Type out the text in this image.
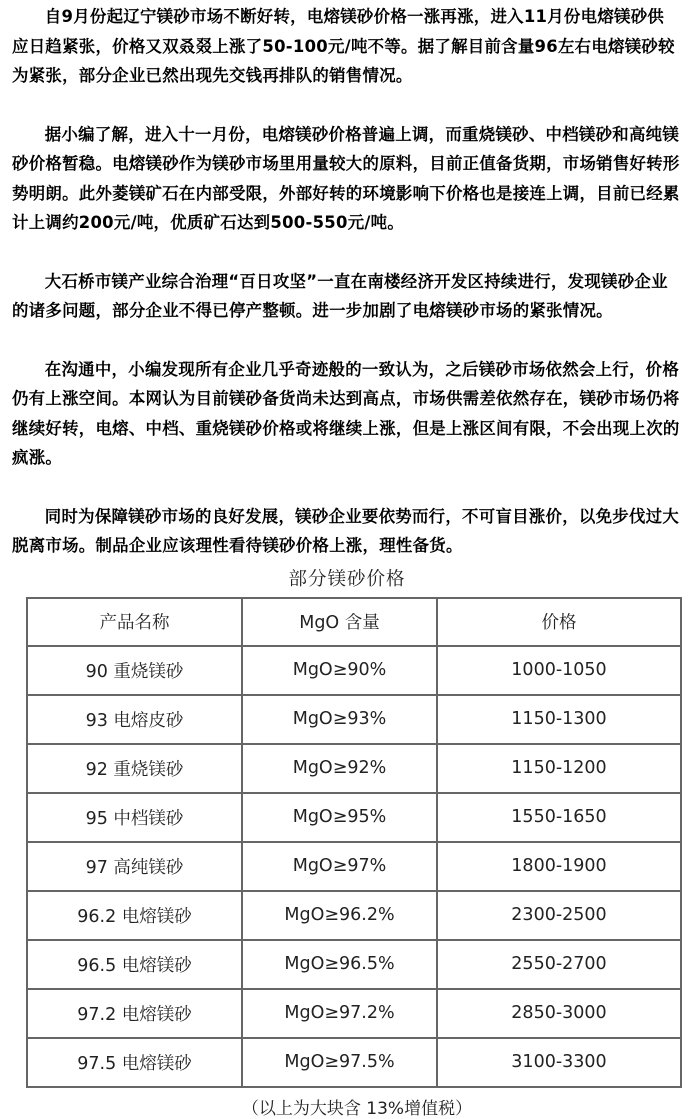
自9月份起辽宁镁砂市场不断好转，电熔镁砂价格一涨再涨，进入11月份电熔镁砂供应日趋紧张，价格又双叒叕上涨了50-100元/吨不等。据了解目前含量96左右电熔镁砂较为紧张，部分企业已然出现先交钱再排队的销售情况。

据小编了解，进入十一月份，电熔镁砂价格普遍上调，而重烧镁砂、中档镁砂和高纯镁砂价格暂稳。电熔镁砂作为镁砂市场里用量较大的原料，目前正值备货期，市场销售好转形势明朗。此外菱镁矿石在内部受限，外部好转的环境影响下价格也是接连上调，目前已经累计上调约200元/吨，优质矿石达到500-550元/吨。

大石桥市镁产业综合治理“百日攻坚”一直在南楼经济开发区持续进行，发现镁砂企业的诸多问题，部分企业不得已停产整顿。进一步加剧了电熔镁砂市场的紧张情况。

在沟通中，小编发现所有企业几乎奇迹般的一致认为，之后镁砂市场依然会上行，价格仍有上涨空间。本网认为目前镁砂备货尚未达到高点，市场供需差依然存在，镁砂市场仍将继续好转，电熔、中档、重烧镁砂价格或将继续上涨，但是上涨区间有限，不会出现上次的疯涨。

同时为保障镁砂市场的良好发展，镁砂企业要依势而行，不可盲目涨价，以免步伐过大脱离市场。制品企业应该理性看待镁砂价格上涨，理性备货。

部分镁砂价格
产品名称	MgO 含量	价格
90 重烧镁砂	MgO≥90%	1000-1050
93 电熔皮砂	MgO≥93%	1150-1300
92 重烧镁砂	MgO≥92%	1150-1200
95 中档镁砂	MgO≥95%	1550-1650
97 高纯镁砂	MgO≥97%	1800-1900
96.2 电熔镁砂	MgO≥96.2%	2300-2500
96.5 电熔镁砂	MgO≥96.5%	2550-2700
97.2 电熔镁砂	MgO≥97.2%	2850-3000
97.5 电熔镁砂	MgO≥97.5%	3100-3300
（以上为大块含 13%增值税）
